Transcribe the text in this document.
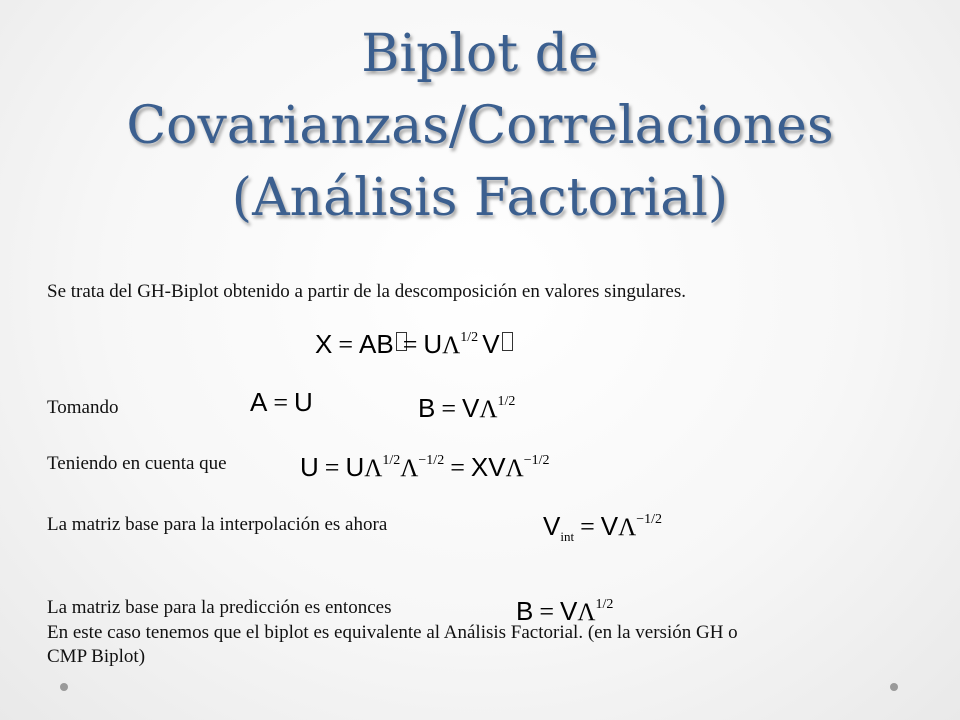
Biplot de
Covarianzas/Correlaciones
(Análisis Factorial)
Se trata del GH-Biplot obtenido a partir de la descomposición en valores singulares.
X = AB = $U\Lambda^{1/2}$ V
Tomando	A = U	$B = V\Lambda^{1/2}$
Teniendo en cuenta que	$U = U\Lambda^{1/2}\Lambda^{-1/2} = XV\Lambda^{-1/2}$
La matriz base para la interpolación es ahora	$V_{int} = V\Lambda^{-1/2}$
La matriz base para la predicción es entonces	$B = V\Lambda^{1/2}$
En este caso tenemos que el biplot es equivalente al Análisis Factorial. (en la versión GH o
CMP Biplot)
